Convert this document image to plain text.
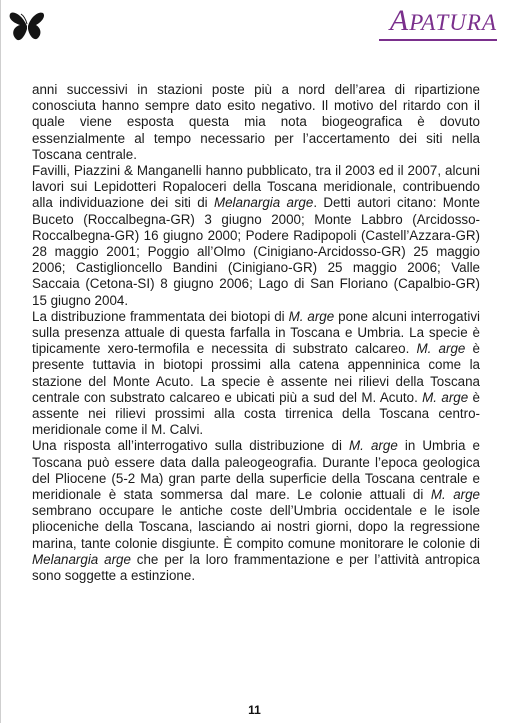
APATURA

anni successivi in stazioni poste più a nord dell’area di ripartizione conosciuta hanno sempre dato esito negativo. Il motivo del ritardo con il quale viene esposta questa mia nota biogeografica è dovuto essenzialmente al tempo necessario per l’accertamento dei siti nella Toscana centrale.

Favilli, Piazzini & Manganelli hanno pubblicato, tra il 2003 ed il 2007, alcuni lavori sui Lepidotteri Ropaloceri della Toscana meridionale, contribuendo alla individuazione dei siti di Melanargia arge. Detti autori citano: Monte Buceto (Roccalbegna-GR) 3 giugno 2000; Monte Labbro (Arcidosso-Roccalbegna-GR) 16 giugno 2000; Podere Radipopoli (Castell’Azzara-GR) 28 maggio 2001; Poggio all’Olmo (Cinigiano-Arcidosso-GR) 25 maggio 2006; Castiglioncello Bandini (Cinigiano-GR) 25 maggio 2006; Valle Saccaia (Cetona-SI) 8 giugno 2006; Lago di San Floriano (Capalbio-GR) 15 giugno 2004.

La distribuzione frammentata dei biotopi di M. arge pone alcuni interrogativi sulla presenza attuale di questa farfalla in Toscana e Umbria. La specie è tipicamente xero-termofila e necessita di substrato calcareo. M. arge è presente tuttavia in biotopi prossimi alla catena appenninica come la stazione del Monte Acuto. La specie è assente nei rilievi della Toscana centrale con substrato calcareo e ubicati più a sud del M. Acuto. M. arge è assente nei rilievi prossimi alla costa tirrenica della Toscana centro-meridionale come il M. Calvi.

Una risposta all’interrogativo sulla distribuzione di M. arge in Umbria e Toscana può essere data dalla paleogeografia. Durante l’epoca geologica del Pliocene (5-2 Ma) gran parte della superficie della Toscana centrale e meridionale è stata sommersa dal mare. Le colonie attuali di M. arge sembrano occupare le antiche coste dell’Umbria occidentale e le isole plioceniche della Toscana, lasciando ai nostri giorni, dopo la regressione marina, tante colonie disgiunte. È compito comune monitorare le colonie di Melanargia arge che per la loro frammentazione e per l’attività antropica sono soggette a estinzione.

11
